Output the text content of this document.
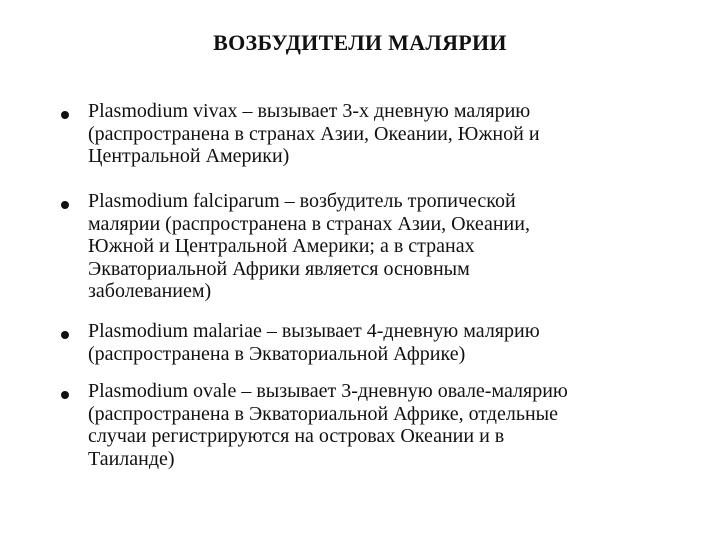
ВОЗБУДИТЕЛИ МАЛЯРИИ

Plasmodium vivax – вызывает 3-х дневную малярию
(распространена в странах Азии, Океании, Южной и
Центральной Америки)

Plasmodium falciparum – возбудитель тропической
малярии (распространена в странах Азии, Океании,
Южной и Центральной Америки; а в странах
Экваториальной Африки является основным
заболеванием)

Plasmodium malariae – вызывает 4-дневную малярию
(распространена в Экваториальной Африке)

Plasmodium ovale – вызывает 3-дневную овале-малярию
(распространена в Экваториальной Африке, отдельные
случаи регистрируются на островах Океании и в
Таиланде)
